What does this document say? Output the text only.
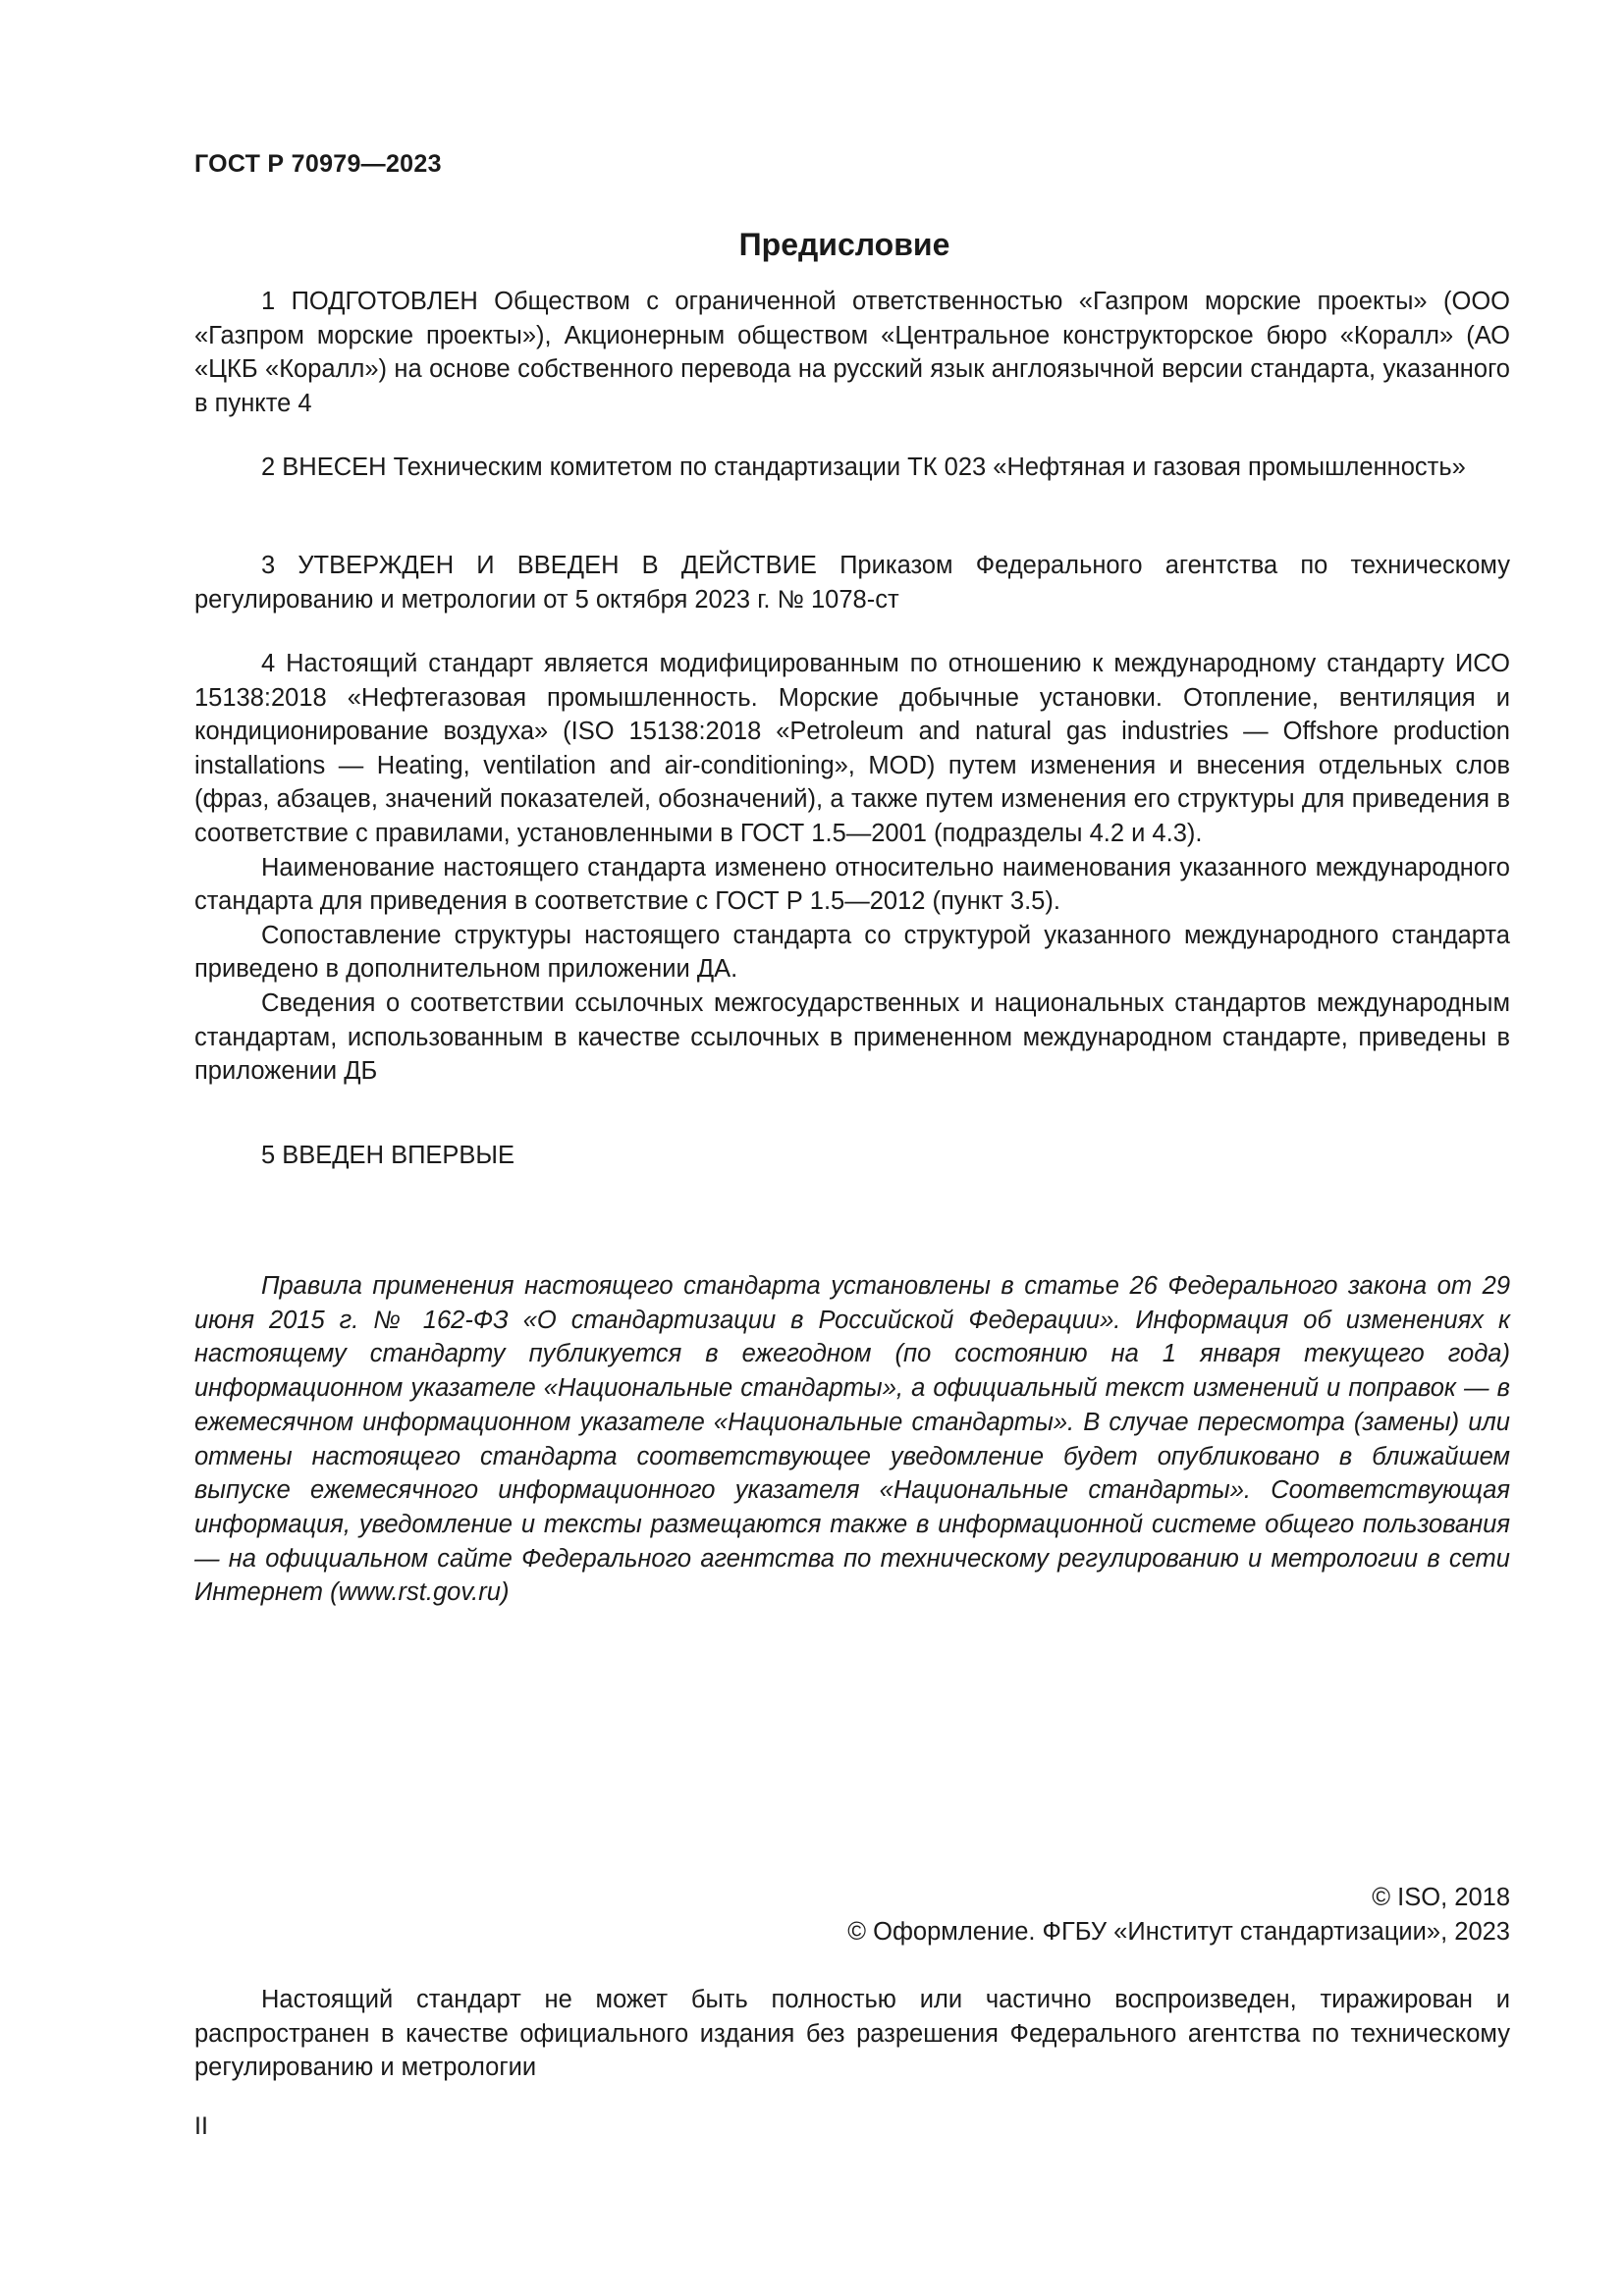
ГОСТ Р 70979—2023
Предисловие

1 ПОДГОТОВЛЕН Обществом с ограниченной ответственностью «Газпром морские проекты» (ООО «Газпром морские проекты»), Акционерным обществом «Центральное конструкторское бюро «Коралл» (АО «ЦКБ «Коралл») на основе собственного перевода на русский язык англоязычной версии стандарта, указанного в пункте 4

2 ВНЕСЕН Техническим комитетом по стандартизации ТК 023 «Нефтяная и газовая промышленность»

3 УТВЕРЖДЕН И ВВЕДЕН В ДЕЙСТВИЕ Приказом Федерального агентства по техническому регулированию и метрологии от 5 октября 2023 г. № 1078-ст

4 Настоящий стандарт является модифицированным по отношению к международному стандарту ИСО 15138:2018 «Нефтегазовая промышленность. Морские добычные установки. Отопление, вентиляция и кондиционирование воздуха» (ISO 15138:2018 «Petroleum and natural gas industries — Offshore production installations — Heating, ventilation and air-conditioning», MOD) путем изменения и внесения отдельных слов (фраз, абзацев, значений показателей, обозначений), а также путем изменения его структуры для приведения в соответствие с правилами, установленными в ГОСТ 1.5—2001 (подразделы 4.2 и 4.3).

Наименование настоящего стандарта изменено относительно наименования указанного международного стандарта для приведения в соответствие с ГОСТ Р 1.5—2012 (пункт 3.5).

Сопоставление структуры настоящего стандарта со структурой указанного международного стандарта приведено в дополнительном приложении ДА.

Сведения о соответствии ссылочных межгосударственных и национальных стандартов международным стандартам, использованным в качестве ссылочных в примененном международном стандарте, приведены в приложении ДБ

5 ВВЕДЕН ВПЕРВЫЕ

Правила применения настоящего стандарта установлены в статье 26 Федерального закона от 29 июня 2015 г. № 162-ФЗ «О стандартизации в Российской Федерации». Информация об изменениях к настоящему стандарту публикуется в ежегодном (по состоянию на 1 января текущего года) информационном указателе «Национальные стандарты», а официальный текст изменений и поправок — в ежемесячном информационном указателе «Национальные стандарты». В случае пересмотра (замены) или отмены настоящего стандарта соответствующее уведомление будет опубликовано в ближайшем выпуске ежемесячного информационного указателя «Национальные стандарты». Соответствующая информация, уведомление и тексты размещаются также в информационной системе общего пользования — на официальном сайте Федерального агентства по техническому регулированию и метрологии в сети Интернет (www.rst.gov.ru)

© ISO, 2018
© Оформление. ФГБУ «Институт стандартизации», 2023

Настоящий стандарт не может быть полностью или частично воспроизведен, тиражирован и распространен в качестве официального издания без разрешения Федерального агентства по техническому регулированию и метрологии

II
